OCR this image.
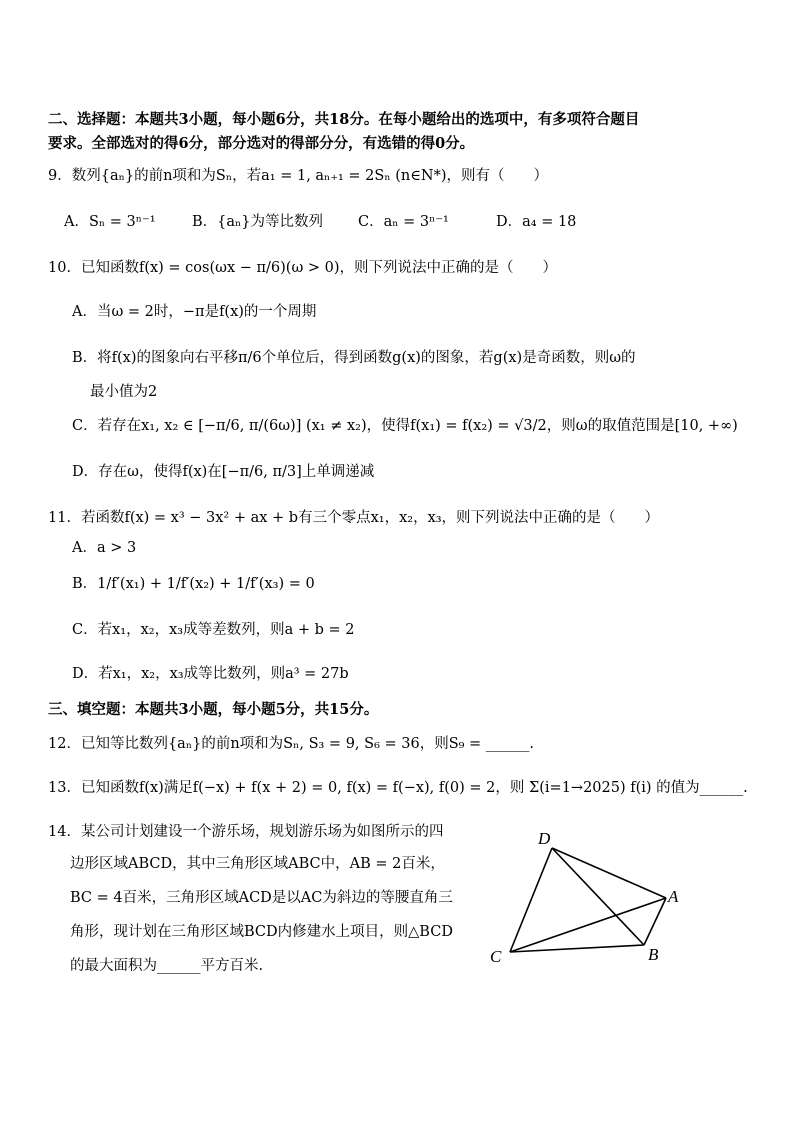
二、选择题：本题共3小题，每小题6分，共18分。在每小题给出的选项中，有多项符合题目
要求。全部选对的得6分，部分选对的得部分分，有选错的得0分。
9．数列{aₙ}的前n项和为Sₙ，若a₁ = 1, aₙ₊₁ = 2Sₙ (n∈N*)，则有（　　）
A．Sₙ = 3ⁿ⁻¹	B．{aₙ}为等比数列 C．aₙ = 3ⁿ⁻¹	D．a₄ = 18
10．已知函数f(x) = cos(ωx − π/6)(ω > 0)，则下列说法中正确的是（　　）
A．当ω = 2时，−π是f(x)的一个周期
B．将f(x)的图象向右平移π/6个单位后，得到函数g(x)的图象，若g(x)是奇函数，则ω的
最小值为2
C．若存在x₁, x₂ ∈ [−π/6, π/(6ω)] (x₁ ≠ x₂)，使得f(x₁) = f(x₂) = √3/2，则ω的取值范围是[10, +∞)
D．存在ω，使得f(x)在[−π/6, π/3]上单调递减
11．若函数f(x) = x³ − 3x² + ax + b有三个零点x₁，x₂，x₃，则下列说法中正确的是（　　）
A．a > 3
B．1/f′(x₁) + 1/f′(x₂) + 1/f′(x₃) = 0
C．若x₁，x₂，x₃成等差数列，则a + b = 2
D．若x₁，x₂，x₃成等比数列，则a³ = 27b
三、填空题：本题共3小题，每小题5分，共15分。
12．已知等比数列{aₙ}的前n项和为Sₙ, S₃ = 9, S₆ = 36，则S₉ = ______.
13．已知函数f(x)满足f(−x) + f(x + 2) = 0, f(x) = f(−x), f(0) = 2，则 Σ(i=1→2025) f(i) 的值为______.
14．某公司计划建设一个游乐场，规划游乐场为如图所示的四
边形区域ABCD，其中三角形区域ABC中，AB = 2百米，
BC = 4百米，三角形区域ACD是以AC为斜边的等腰直角三
角形，现计划在三角形区域BCD内修建水上项目，则△BCD
的最大面积为______平方百米.
D
A
B
C
